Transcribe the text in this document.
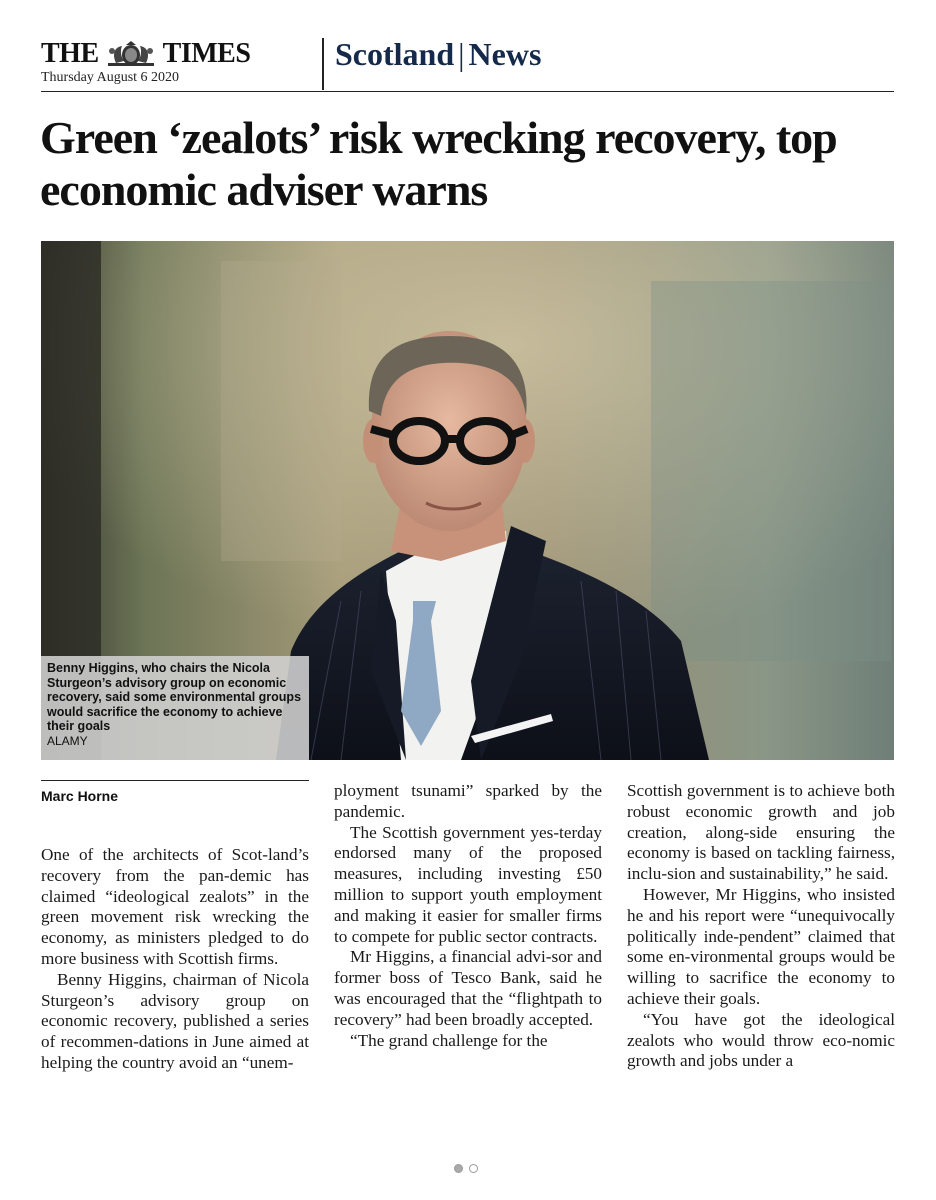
THE TIMES
Thursday August 6 2020
Scotland | News
Green ‘zealots’ risk wrecking recovery, top economic adviser warns
Benny Higgins, who chairs the Nicola Sturgeon’s advisory group on economic recovery, said some environmental groups would sacrifice the economy to achieve their goals
ALAMY
Marc Horne

One of the architects of Scot-land’s recovery from the pan-demic has claimed “ideological zealots” in the green movement risk wrecking the economy, as ministers pledged to do more business with Scottish firms.

Benny Higgins, chairman of Nicola Sturgeon’s advisory group on economic recovery, published a series of recommen-dations in June aimed at helping the country avoid an “unem-

ployment tsunami” sparked by the pandemic.

The Scottish government yes-terday endorsed many of the proposed measures, including investing £50 million to support youth employment and making it easier for smaller firms to compete for public sector contracts.

Mr Higgins, a financial advi-sor and former boss of Tesco Bank, said he was encouraged that the “flightpath to recovery” had been broadly accepted.

“The grand challenge for the

Scottish government is to achieve both robust economic growth and job creation, along-side ensuring the economy is based on tackling fairness, inclu-sion and sustainability,” he said.

However, Mr Higgins, who insisted he and his report were “unequivocally politically inde-pendent” claimed that some en-vironmental groups would be willing to sacrifice the economy to achieve their goals.

“You have got the ideological zealots who would throw eco-nomic growth and jobs under a
